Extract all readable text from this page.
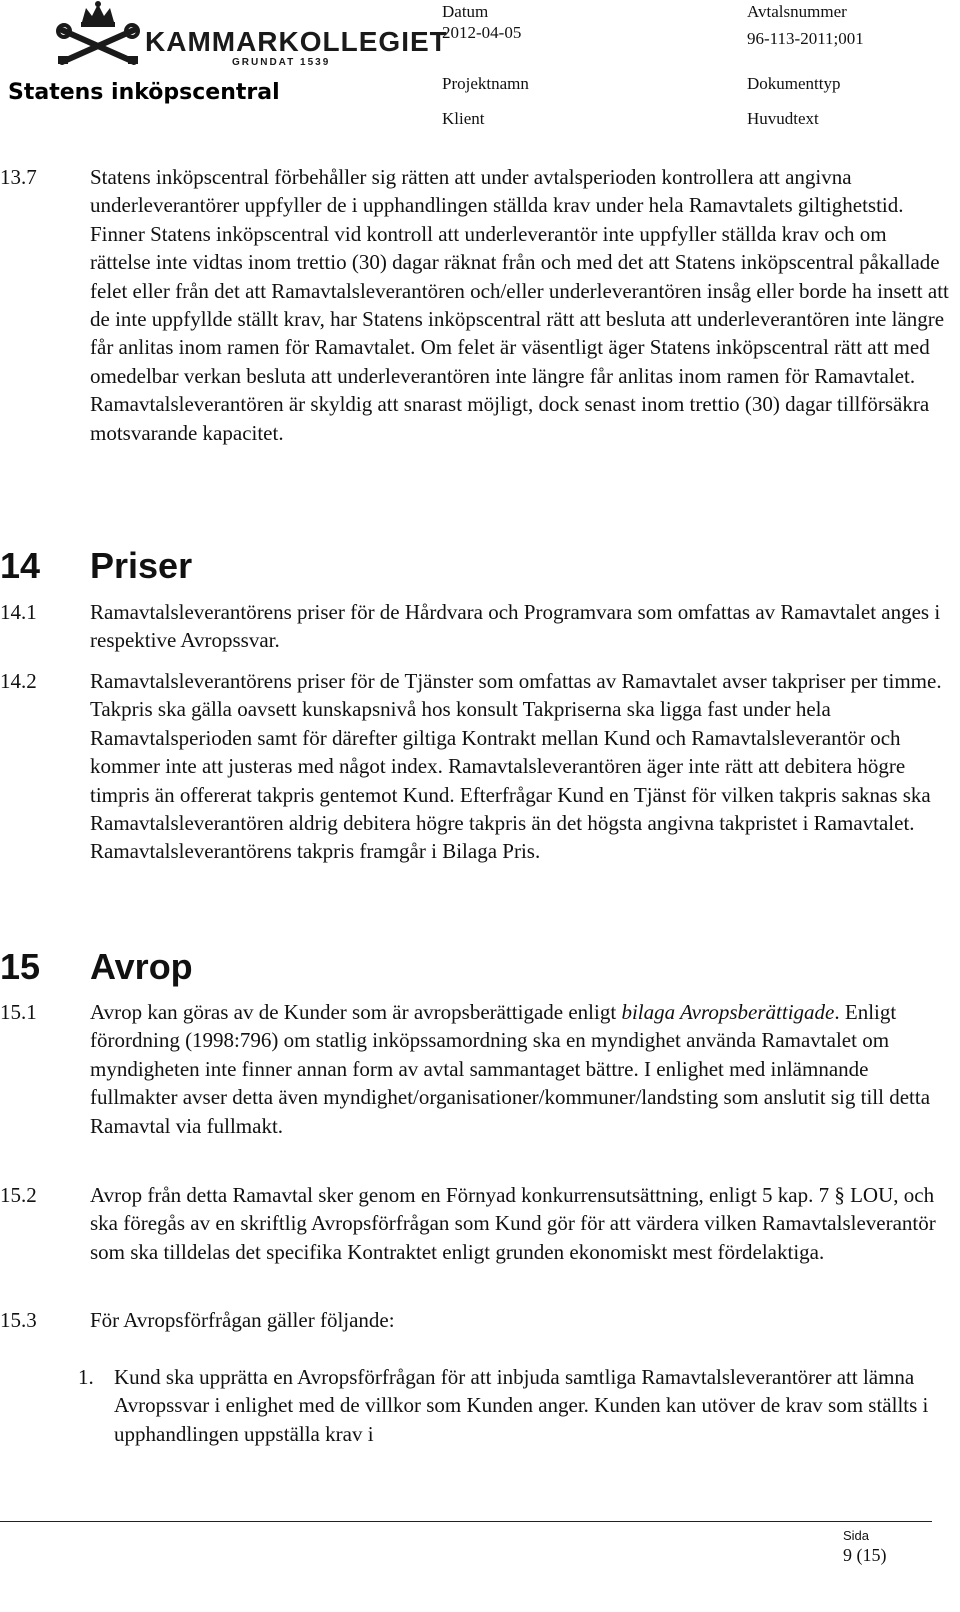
KAMMARKOLLEGIET
GRUNDAT 1539
Statens inköpscentral
Datum
2012-04-05
Avtalsnummer
96-113-2011;001
Projektnamn	Dokumenttyp
Klient	Huvudtext
13.7	Statens inköpscentral förbehåller sig rätten att under avtalsperioden kontrollera att angivna underleverantörer uppfyller de i upphandlingen ställda krav under hela Ramavtalets giltighetstid. Finner Statens inköpscentral vid kontroll att underleverantör inte uppfyller ställda krav och om rättelse inte vidtas inom trettio (30) dagar räknat från och med det att Statens inköpscentral påkallade felet eller från det att Ramavtalsleverantören och/eller underleverantören insåg eller borde ha insett att de inte uppfyllde ställt krav, har Statens inköpscentral rätt att besluta att underleverantören inte längre får anlitas inom ramen för Ramavtalet. Om felet är väsentligt äger Statens inköpscentral rätt att med omedelbar verkan besluta att underleverantören inte längre får anlitas inom ramen för Ramavtalet. Ramavtalsleverantören är skyldig att snarast möjligt, dock senast inom trettio (30) dagar tillförsäkra motsvarande kapacitet.
14 Priser
14.1	Ramavtalsleverantörens priser för de Hårdvara och Programvara som omfattas av Ramavtalet anges i respektive Avropssvar.
14.2	Ramavtalsleverantörens priser för de Tjänster som omfattas av Ramavtalet avser takpriser per timme. Takpris ska gälla oavsett kunskapsnivå hos konsult Takpriserna ska ligga fast under hela Ramavtalsperioden samt för därefter giltiga Kontrakt mellan Kund och Ramavtalsleverantör och kommer inte att justeras med något index. Ramavtalsleverantören äger inte rätt att debitera högre timpris än offererat takpris gentemot Kund. Efterfrågar Kund en Tjänst för vilken takpris saknas ska Ramavtalsleverantören aldrig debitera högre takpris än det högsta angivna takpristet i Ramavtalet. Ramavtalsleverantörens takpris framgår i Bilaga Pris.
15 Avrop
15.1	Avrop kan göras av de Kunder som är avropsberättigade enligt bilaga Avropsberättigade. Enligt förordning (1998:796) om statlig inköpssamordning ska en myndighet använda Ramavtalet om myndigheten inte finner annan form av avtal sammantaget bättre. I enlighet med inlämnande fullmakter avser detta även myndighet/organisationer/kommuner/landsting som anslutit sig till detta Ramavtal via fullmakt.
15.2	Avrop från detta Ramavtal sker genom en Förnyad konkurrensutsättning, enligt 5 kap. 7 § LOU, och ska föregås av en skriftlig Avropsförfrågan som Kund gör för att värdera vilken Ramavtalsleverantör som ska tilldelas det specifika Kontraktet enligt grunden ekonomiskt mest fördelaktiga.
15.3	För Avropsförfrågan gäller följande:
1. Kund ska upprätta en Avropsförfrågan för att inbjuda samtliga Ramavtalsleverantörer att lämna Avropssvar i enlighet med de villkor som Kunden anger. Kunden kan utöver de krav som ställts i upphandlingen uppställa krav i
Sida
9 (15)
